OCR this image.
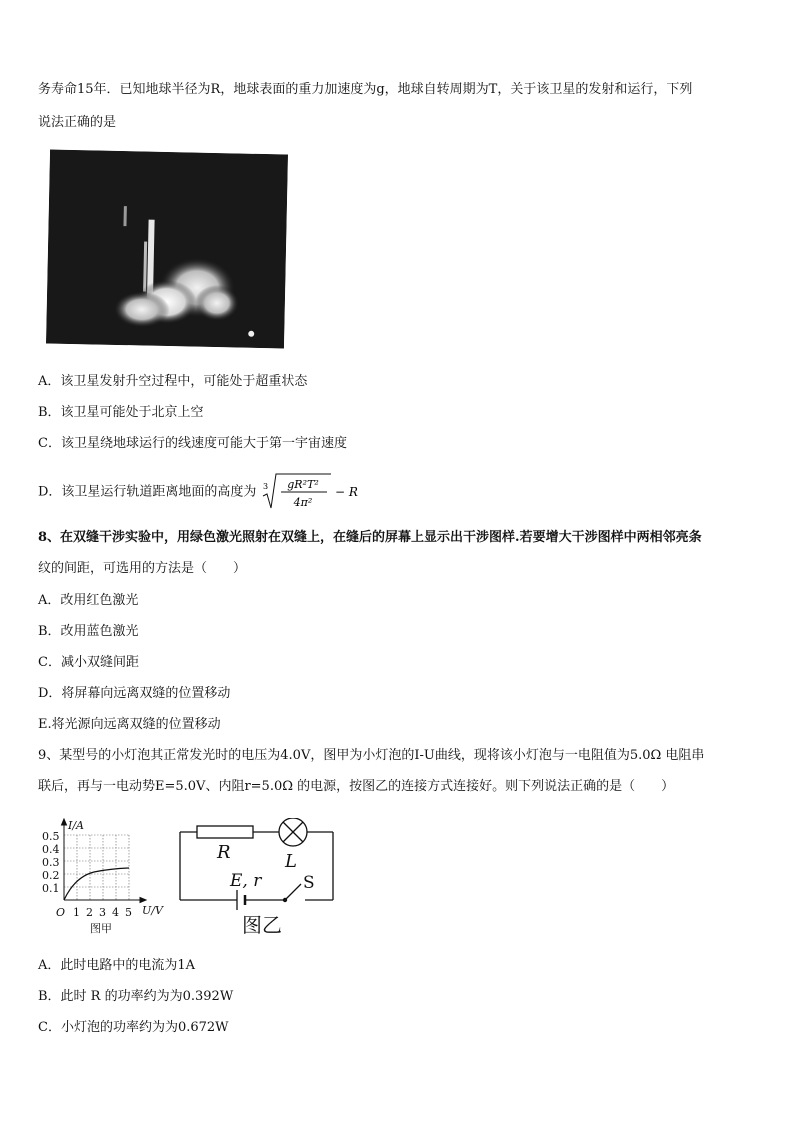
务寿命15年．已知地球半径为R，地球表面的重力加速度为g，地球自转周期为T，关于该卫星的发射和运行，下列
说法正确的是
A．该卫星发射升空过程中，可能处于超重状态
B．该卫星可能处于北京上空
C．该卫星绕地球运行的线速度可能大于第一宇宙速度
D．该卫星运行轨道距离地面的高度为 3 gR²T²
4π²
− R
8、在双缝干涉实验中，用绿色激光照射在双缝上，在缝后的屏幕上显示出干涉图样.若要增大干涉图样中两相邻亮条
纹的间距，可选用的方法是（　　）
A．改用红色激光
B．改用蓝色激光
C．减小双缝间距
D．将屏幕向远离双缝的位置移动
E.将光源向远离双缝的位置移动
9、某型号的小灯泡其正常发光时的电压为4.0V，图甲为小灯泡的I-U曲线，现将该小灯泡与一电阻值为5.0Ω 电阻串
联后，再与一电动势E=5.0V、内阻r=5.0Ω 的电源，按图乙的连接方式连接好。则下列说法正确的是（　　）
I/A
U/V
O
0.5
0.4
0.3
0.2
0.1
1 2 3 4 5
图甲
R	L
E, r S
图乙
A．此时电路中的电流为1A
B．此时 R 的功率约为为0.392W
C．小灯泡的功率约为为0.672W
